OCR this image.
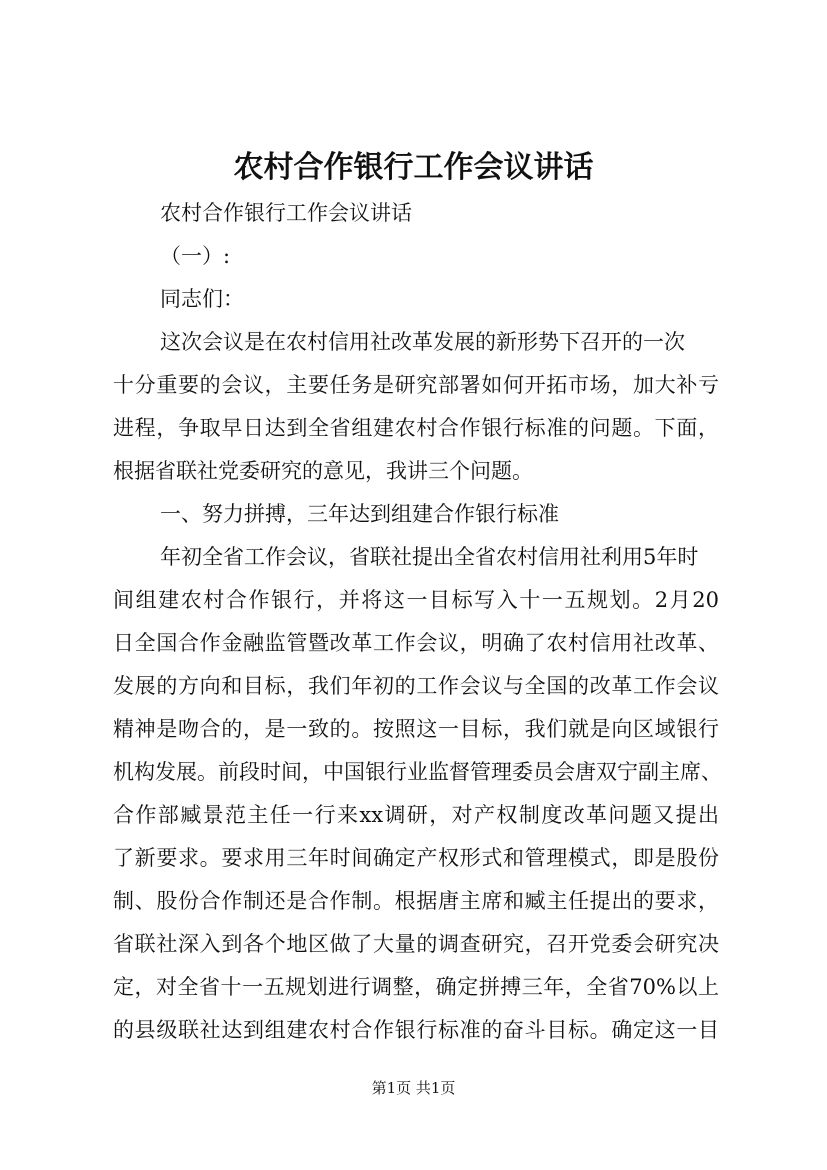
农村合作银行工作会议讲话
农村合作银行工作会议讲话
（一）:
同志们：
这次会议是在农村信用社改革发展的新形势下召开的一次
十分重要的会议，主要任务是研究部署如何开拓市场，加大补亏
进程，争取早日达到全省组建农村合作银行标准的问题。下面，
根据省联社党委研究的意见，我讲三个问题。
一、努力拼搏，三年达到组建合作银行标准
年初全省工作会议，省联社提出全省农村信用社利用5年时
间组建农村合作银行，并将这一目标写入十一五规划。2月20
日全国合作金融监管暨改革工作会议，明确了农村信用社改革、
发展的方向和目标，我们年初的工作会议与全国的改革工作会议
精神是吻合的，是一致的。按照这一目标，我们就是向区域银行
机构发展。前段时间，中国银行业监督管理委员会唐双宁副主席、
合作部臧景范主任一行来xx调研，对产权制度改革问题又提出
了新要求。要求用三年时间确定产权形式和管理模式，即是股份
制、股份合作制还是合作制。根据唐主席和臧主任提出的要求，
省联社深入到各个地区做了大量的调查研究，召开党委会研究决
定，对全省十一五规划进行调整，确定拼搏三年，全省70%以上
的县级联社达到组建农村合作银行标准的奋斗目标。确定这一目
第1页 共1页
